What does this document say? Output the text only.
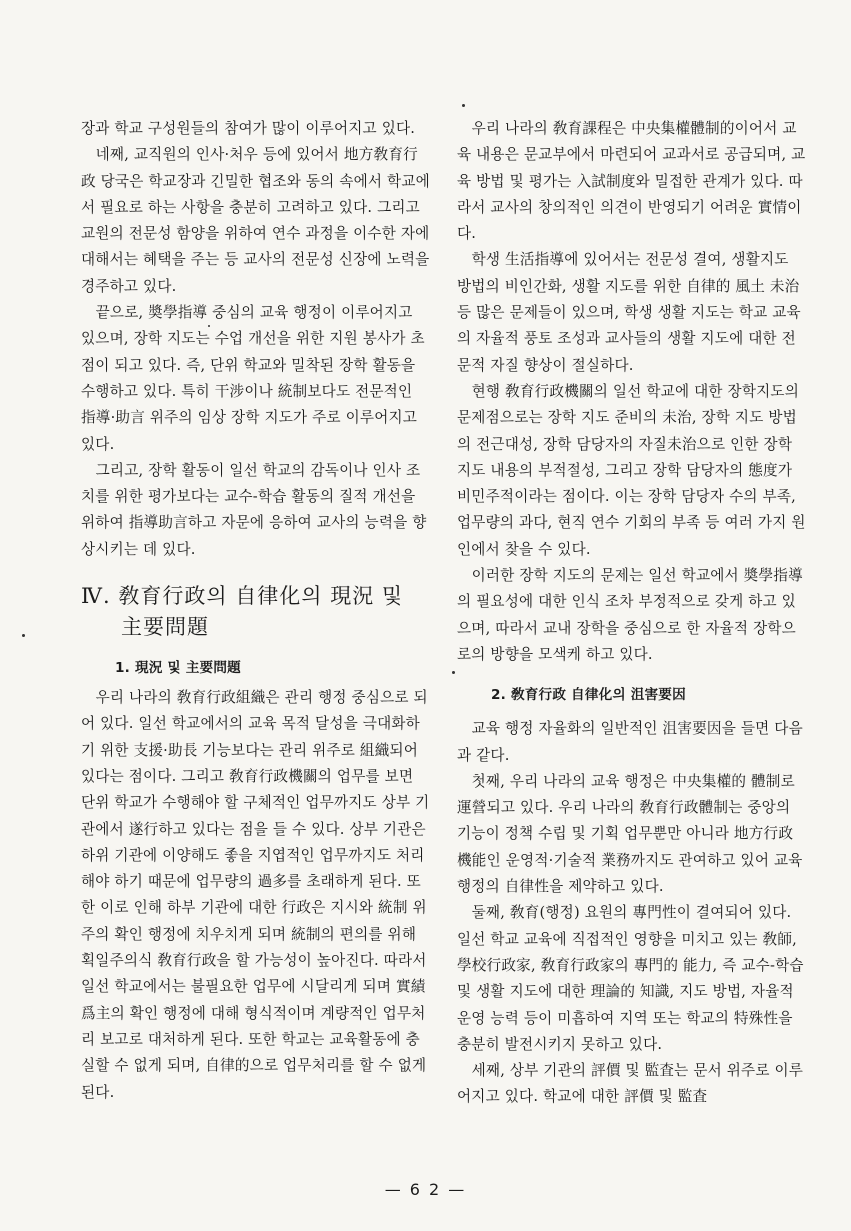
장과 학교 구성원들의 참여가 많이 이루어지고 있다.

네째, 교직원의 인사·처우 등에 있어서 地方敎育行政 당국은 학교장과 긴밀한 협조와 동의 속에서 학교에서 필요로 하는 사항을 충분히 고려하고 있다. 그리고 교원의 전문성 함양을 위하여 연수 과정을 이수한 자에 대해서는 혜택을 주는 등 교사의 전문성 신장에 노력을 경주하고 있다.

끝으로, 奬學指導 중심의 교육 행정이 이루어지고 있으며, 장학 지도는 수업 개선을 위한 지원 봉사가 초점이 되고 있다. 즉, 단위 학교와 밀착된 장학 활동을 수행하고 있다. 특히 干涉이나 統制보다도 전문적인 指導·助言 위주의 임상 장학 지도가 주로 이루어지고 있다.

그리고, 장학 활동이 일선 학교의 감독이나 인사 조치를 위한 평가보다는 교수-학습 활동의 질적 개선을 위하여 指導助言하고 자문에 응하여 교사의 능력을 향상시키는 데 있다.

Ⅳ. 敎育行政의 自律化의 現況 및
主要問題
1. 現況 및 主要問題

우리 나라의 敎育行政組織은 관리 행정 중심으로 되어 있다. 일선 학교에서의 교육 목적 달성을 극대화하기 위한 支援·助長 기능보다는 관리 위주로 組織되어 있다는 점이다. 그리고 敎育行政機關의 업무를 보면 단위 학교가 수행해야 할 구체적인 업무까지도 상부 기관에서 遂行하고 있다는 점을 들 수 있다. 상부 기관은 하위 기관에 이양해도 좋을 지엽적인 업무까지도 처리해야 하기 때문에 업무량의 過多를 초래하게 된다. 또한 이로 인해 하부 기관에 대한 行政은 지시와 統制 위주의 확인 행정에 치우치게 되며 統制의 편의를 위해 획일주의식 敎育行政을 할 가능성이 높아진다. 따라서 일선 학교에서는 불필요한 업무에 시달리게 되며 實績爲主의 확인 행정에 대해 형식적이며 계량적인 업무처리 보고로 대처하게 된다. 또한 학교는 교육활동에 충실할 수 없게 되며, 自律的으로 업무처리를 할 수 없게 된다.

우리 나라의 敎育課程은 中央集權體制的이어서 교육 내용은 문교부에서 마련되어 교과서로 공급되며, 교육 방법 및 평가는 入試制度와 밀접한 관계가 있다. 따라서 교사의 창의적인 의견이 반영되기 어려운 實情이다.

학생 生活指導에 있어서는 전문성 결여, 생활지도 방법의 비인간화, 생활 지도를 위한 自律的 風土 未治 등 많은 문제들이 있으며, 학생 생활 지도는 학교 교육의 자율적 풍토 조성과 교사들의 생활 지도에 대한 전문적 자질 향상이 절실하다.

현행 敎育行政機關의 일선 학교에 대한 장학지도의 문제점으로는 장학 지도 준비의 未治, 장학 지도 방법의 전근대성, 장학 담당자의 자질未治으로 인한 장학 지도 내용의 부적절성, 그리고 장학 담당자의 態度가 비민주적이라는 점이다. 이는 장학 담당자 수의 부족, 업무량의 과다, 현직 연수 기회의 부족 등 여러 가지 원인에서 찾을 수 있다.

이러한 장학 지도의 문제는 일선 학교에서 奬學指導의 필요성에 대한 인식 조차 부정적으로 갖게 하고 있으며, 따라서 교내 장학을 중심으로 한 자율적 장학으로의 방향을 모색케 하고 있다.

2. 敎育行政 自律化의 沮害要因

교육 행정 자율화의 일반적인 沮害要因을 들면 다음과 같다.

첫째, 우리 나라의 교육 행정은 中央集權的 體制로 運營되고 있다. 우리 나라의 敎育行政體制는 중앙의 기능이 정책 수립 및 기획 업무뿐만 아니라 地方行政機能인 운영적·기술적 業務까지도 관여하고 있어 교육 행정의 自律性을 제약하고 있다.

둘째, 敎育(행정) 요원의 專門性이 결여되어 있다. 일선 학교 교육에 직접적인 영향을 미치고 있는 敎師, 學校行政家, 敎育行政家의 專門的 能力, 즉 교수-학습 및 생활 지도에 대한 理論的 知識, 지도 방법, 자율적 운영 능력 등이 미흡하여 지역 또는 학교의 特殊性을 충분히 발전시키지 못하고 있다.

세째, 상부 기관의 評價 및 監査는 문서 위주로 이루어지고 있다. 학교에 대한 評價 및 監査

— 6 2 —
